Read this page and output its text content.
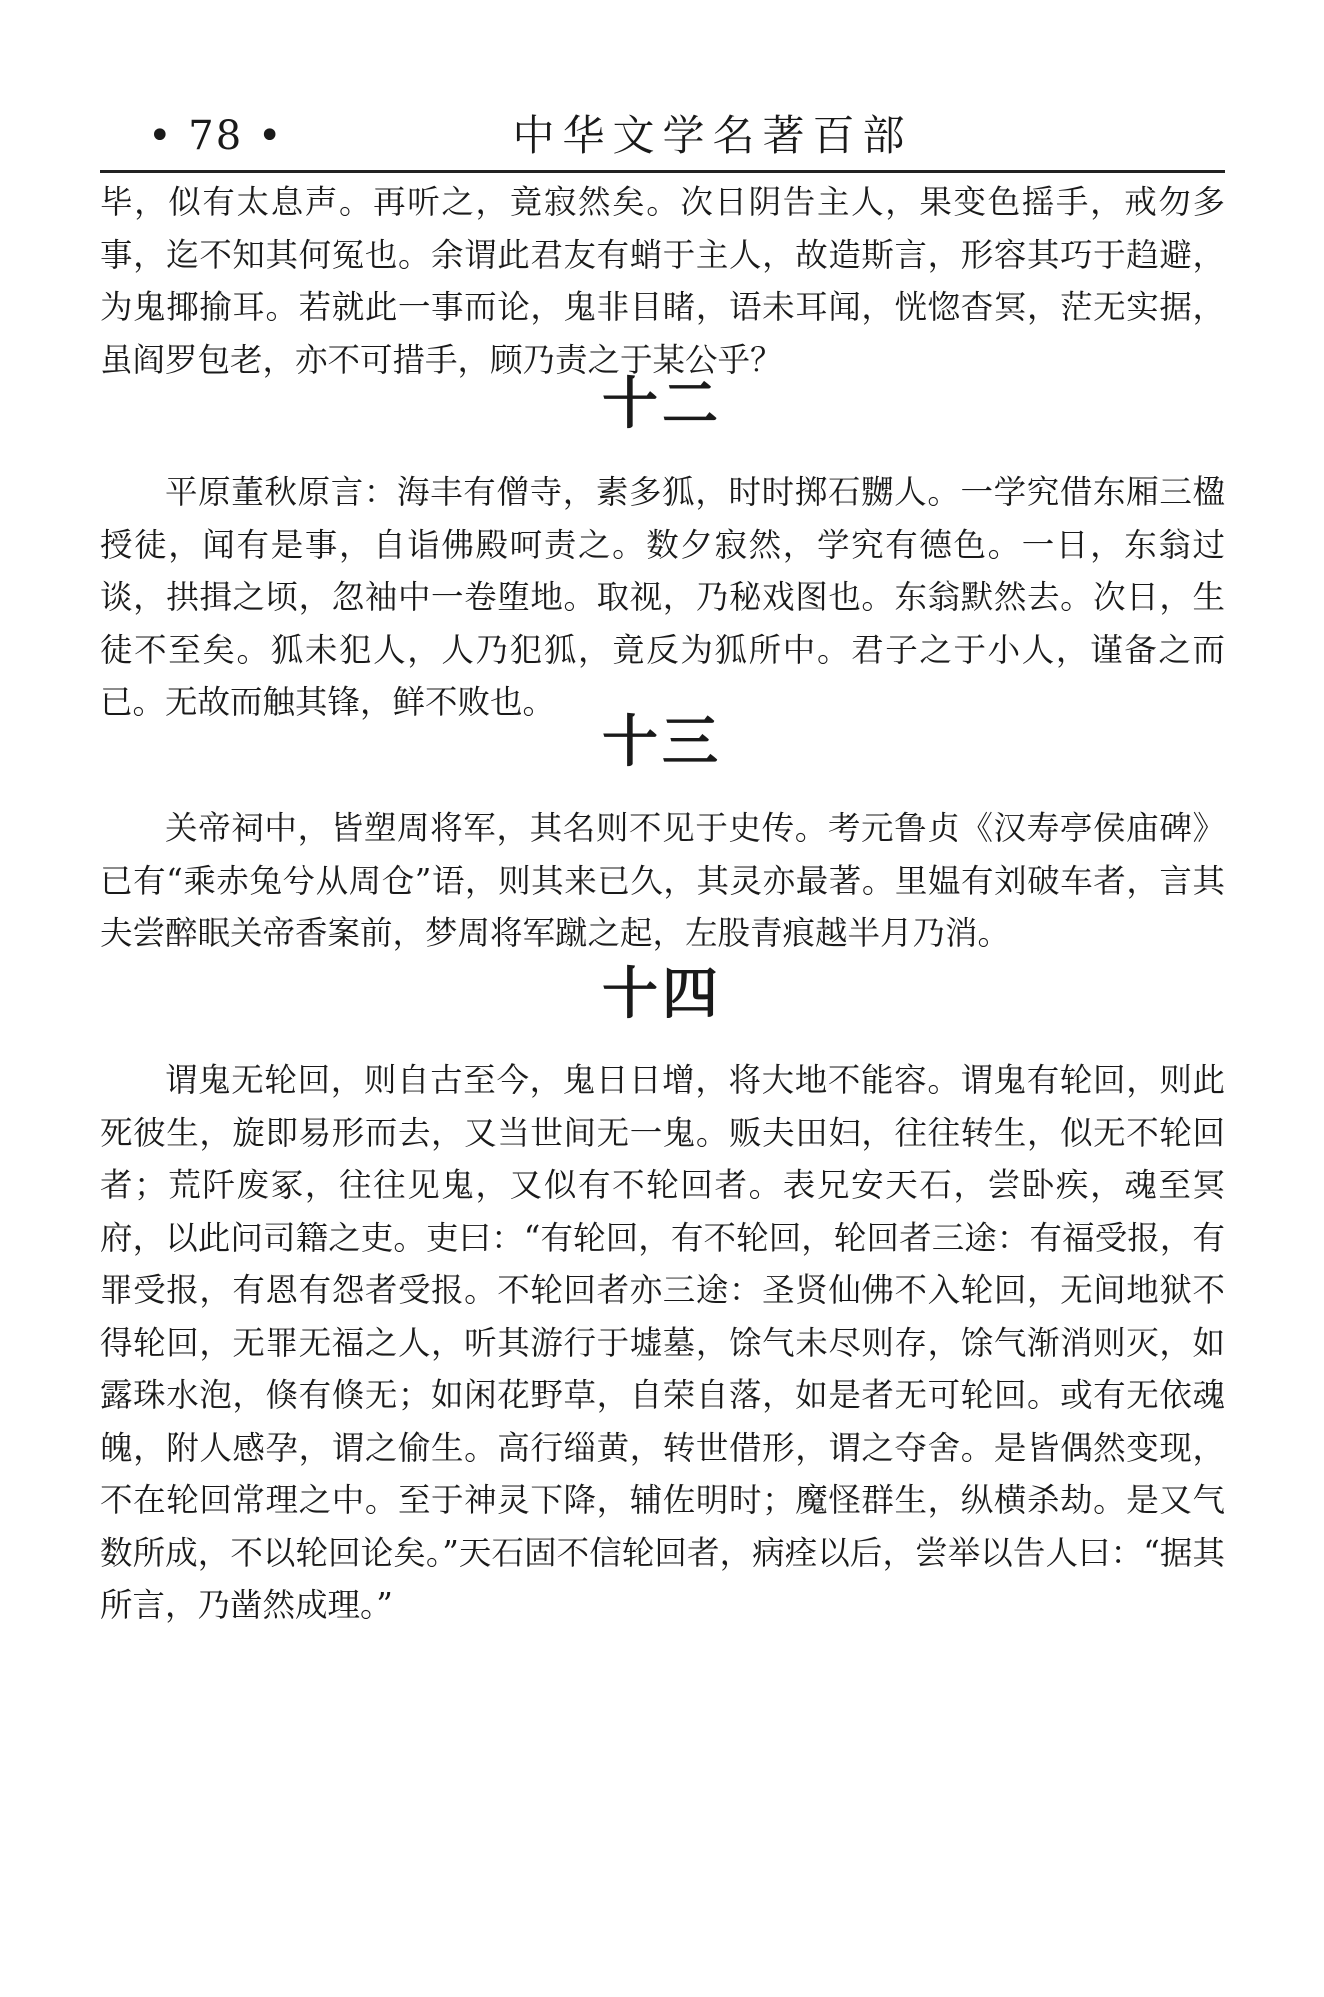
• 78 •	中华文学名著百部

毕，似有太息声。再听之，竟寂然矣。次日阴告主人，果变色摇手，戒勿多事，迄不知其何冤也。余谓此君友有蛸于主人，故造斯言，形容其巧于趋避，为鬼揶揄耳。若就此一事而论，鬼非目睹，语未耳闻，恍惚杳冥，茫无实据，虽阎罗包老，亦不可措手，顾乃责之于某公乎？

十二

平原董秋原言：海丰有僧寺，素多狐，时时掷石嬲人。一学究借东厢三楹授徒，闻有是事，自诣佛殿呵责之。数夕寂然，学究有德色。一日，东翁过谈，拱揖之顷，忽袖中一卷堕地。取视，乃秘戏图也。东翁默然去。次日，生徒不至矣。狐未犯人，人乃犯狐，竟反为狐所中。君子之于小人，谨备之而已。无故而触其锋，鲜不败也。

十三

关帝祠中，皆塑周将军，其名则不见于史传。考元鲁贞《汉寿亭侯庙碑》已有“乘赤兔兮从周仓”语，则其来已久，其灵亦最著。里媪有刘破车者，言其夫尝醉眠关帝香案前，梦周将军蹴之起，左股青痕越半月乃消。

十四

谓鬼无轮回，则自古至今，鬼日日增，将大地不能容。谓鬼有轮回，则此死彼生，旋即易形而去，又当世间无一鬼。贩夫田妇，往往转生，似无不轮回者；荒阡废冢，往往见鬼，又似有不轮回者。表兄安天石，尝卧疾，魂至冥府，以此问司籍之吏。吏曰：“有轮回，有不轮回，轮回者三途：有福受报，有罪受报，有恩有怨者受报。不轮回者亦三途：圣贤仙佛不入轮回，无间地狱不得轮回，无罪无福之人，听其游行于墟墓，馀气未尽则存，馀气渐消则灭，如露珠水泡，倏有倏无；如闲花野草，自荣自落，如是者无可轮回。或有无依魂魄，附人感孕，谓之偷生。高行缁黄，转世借形，谓之夺舍。是皆偶然变现，不在轮回常理之中。至于神灵下降，辅佐明时；魔怪群生，纵横杀劫。是又气数所成，不以轮回论矣。”天石固不信轮回者，病痊以后，尝举以告人曰：“据其所言，乃凿然成理。”
